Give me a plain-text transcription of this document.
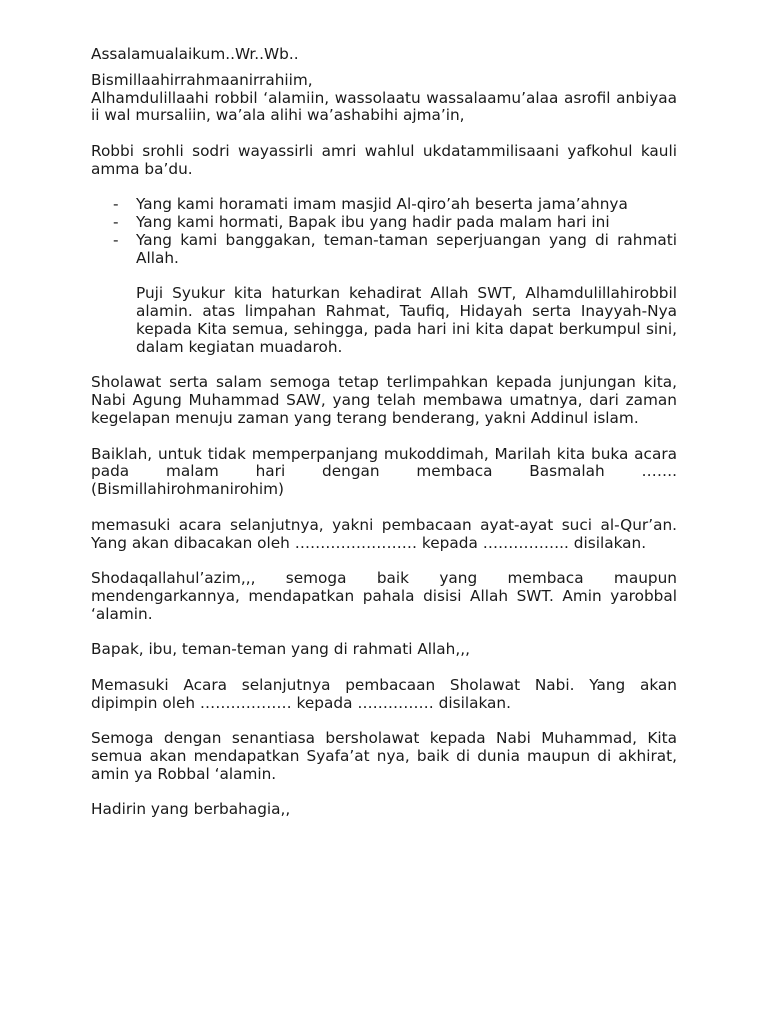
Assalamualaikum..Wr..Wb..

Bismillaahirrahmaanirrahiim,

Alhamdulillaahi robbil ‘alamiin, wassolaatu wassalaamu’alaa asrofil anbiyaa ii wal mursaliin, wa’ala alihi wa’ashabihi ajma’in,

Robbi srohli sodri wayassirli amri wahlul ukdatammilisaani yafkohul kauli amma ba’du.

- Yang kami horamati imam masjid Al-qiro’ah beserta jama’ahnya
- Yang kami hormati, Bapak ibu yang hadir pada malam hari ini
- Yang kami banggakan, teman-taman seperjuangan yang di rahmati Allah.

Puji Syukur kita haturkan kehadirat Allah SWT, Alhamdulillahirobbil alamin. atas limpahan Rahmat, Taufiq, Hidayah serta Inayyah-Nya kepada Kita semua, sehingga, pada hari ini kita dapat berkumpul sini, dalam kegiatan muadaroh.

Sholawat serta salam semoga tetap terlimpahkan kepada junjungan kita, Nabi Agung Muhammad SAW, yang telah membawa umatnya, dari zaman kegelapan menuju zaman yang terang benderang, yakni Addinul islam.

Baiklah, untuk tidak memperpanjang mukoddimah, Marilah kita buka acara pada malam hari dengan membaca Basmalah ……. (Bismillahirohmanirohim)

memasuki acara selanjutnya, yakni pembacaan ayat-ayat suci al-Qur’an. Yang akan dibacakan oleh …………………… kepada …………….. disilakan.

Shodaqallahul’azim,,, semoga baik yang membaca maupun mendengarkannya, mendapatkan pahala disisi Allah SWT. Amin yarobbal ‘alamin.

Bapak, ibu, teman-teman yang di rahmati Allah,,,

Memasuki Acara selanjutnya pembacaan Sholawat Nabi. Yang akan dipimpin oleh ……………… kepada …………… disilakan.

Semoga dengan senantiasa bersholawat kepada Nabi Muhammad, Kita semua akan mendapatkan Syafa’at nya, baik di dunia maupun di akhirat, amin ya Robbal ‘alamin.

Hadirin yang berbahagia,,
